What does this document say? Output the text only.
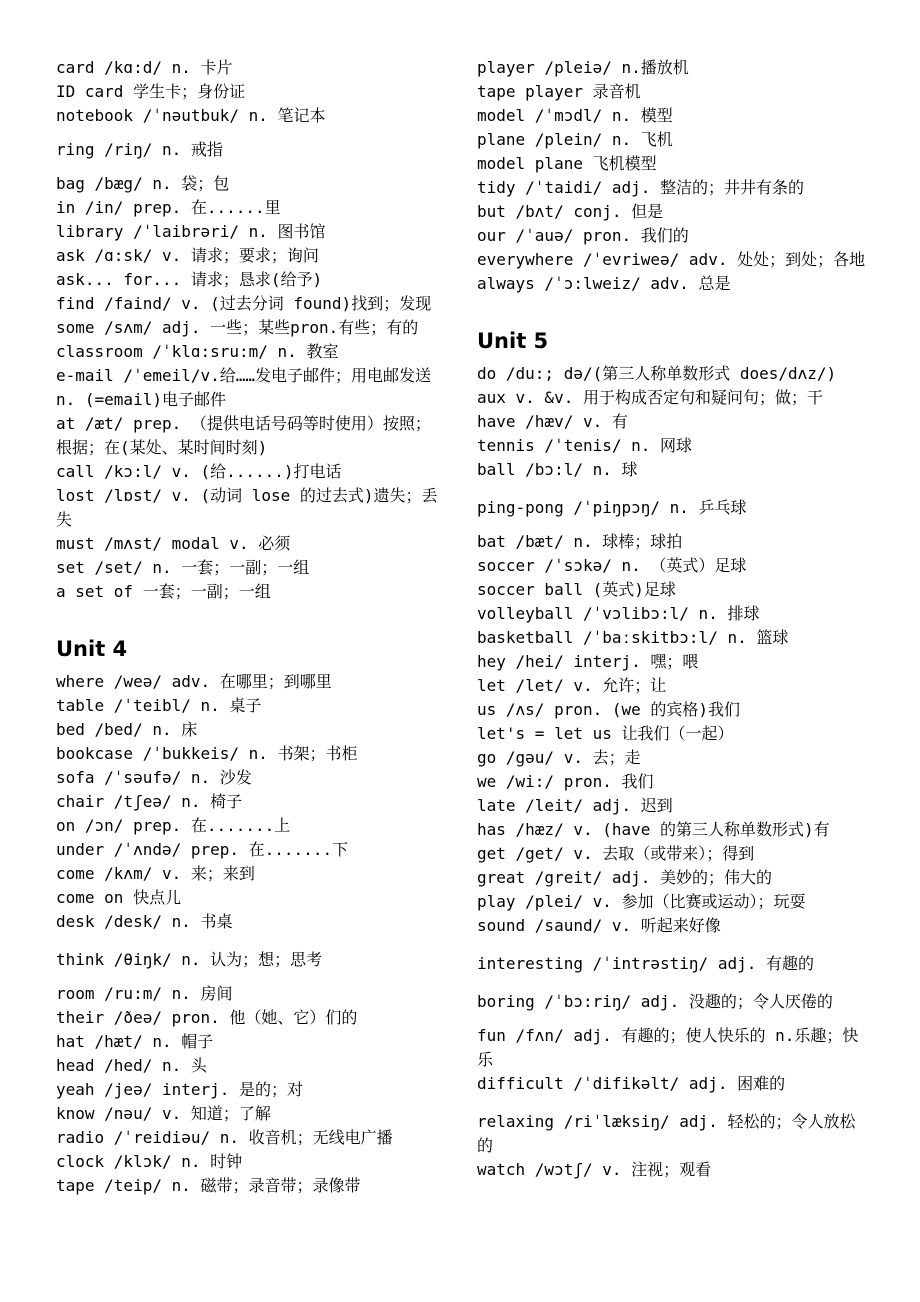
card /kɑ:d/ n. 卡片

ID card 学生卡；身份证

notebook /ˈnəutbuk/ n. 笔记本

ring /riŋ/ n. 戒指

bag /bæg/ n. 袋；包

in /in/ prep. 在......里

library /ˈlaibrəri/ n. 图书馆

ask /ɑ:sk/ v. 请求；要求；询问

ask... for... 请求；恳求(给予)

find /faind/ v. (过去分词 found)找到；发现

some /sʌm/ adj. 一些；某些pron.有些；有的

classroom /ˈklɑ:sru:m/ n. 教室

e-mail /ˈemeil/v.给……发电子邮件；用电邮发送 n. (=email)电子邮件

at /æt/ prep. （提供电话号码等时使用）按照；根据；在(某处、某时间时刻)

call /kɔ:l/ v. (给......)打电话

lost /lɒst/ v. (动词 lose 的过去式)遗失；丢失

must /mʌst/ modal v. 必须

set /set/ n. 一套；一副；一组

a set of 一套；一副；一组

Unit 4

where /weə/ adv. 在哪里；到哪里

table /ˈteibl/ n. 桌子

bed /bed/ n. 床

bookcase /ˈbukkeis/ n. 书架；书柜

sofa /ˈsəufə/ n. 沙发

chair /tʃeə/ n. 椅子

on /ɔn/ prep. 在.......上

under /ˈʌndə/ prep. 在.......下

come /kʌm/ v. 来；来到

come on 快点儿

desk /desk/ n. 书桌

think /θiŋk/ n. 认为；想；思考

room /ru:m/ n. 房间

their /ðeə/ pron. 他（她、它）们的

hat /hæt/ n. 帽子

head /hed/ n. 头

yeah /jeə/ interj. 是的；对

know /nəu/ v. 知道；了解

radio /ˈreidiəu/ n. 收音机；无线电广播

clock /klɔk/ n. 时钟

tape /teip/ n. 磁带；录音带；录像带

player /pleiə/ n.播放机

tape player 录音机

model /ˈmɔdl/ n. 模型

plane /plein/ n. 飞机

model plane 飞机模型

tidy /ˈtaidi/ adj. 整洁的；井井有条的

but /bʌt/ conj. 但是

our /ˈauə/ pron. 我们的

everywhere /ˈevriweə/ adv. 处处；到处；各地

always /ˈɔ:lweiz/ adv. 总是

Unit 5

do /du:; də/(第三人称单数形式 does/dʌz/)

aux v. &v. 用于构成否定句和疑问句；做；干

have /hæv/ v. 有

tennis /ˈtenis/ n. 网球

ball /bɔ:l/ n. 球

ping-pong /ˈpiŋpɔŋ/ n. 乒乓球

bat /bæt/ n. 球棒；球拍

soccer /ˈsɔkə/ n. （英式）足球

soccer ball (英式)足球

volleyball /ˈvɔlibɔ:l/ n. 排球

basketball /ˈbaːskitbɔ:l/ n. 篮球

hey /hei/ interj. 嘿；喂

let /let/ v. 允许；让

us /ʌs/ pron. (we 的宾格)我们

let's = let us 让我们（一起）

go /gəu/ v. 去；走

we /wi:/ pron. 我们

late /leit/ adj. 迟到

has /hæz/ v. (have 的第三人称单数形式)有

get /get/ v. 去取（或带来）；得到

great /greit/ adj. 美妙的；伟大的

play /plei/ v. 参加（比赛或运动）；玩耍

sound /saund/ v. 听起来好像

interesting /ˈintrəstiŋ/ adj. 有趣的

boring /ˈbɔ:riŋ/ adj. 没趣的；令人厌倦的

fun /fʌn/ adj. 有趣的；使人快乐的 n.乐趣；快乐

difficult /ˈdifikəlt/ adj. 困难的

relaxing /riˈlæksiŋ/ adj. 轻松的；令人放松的

watch /wɔtʃ/ v. 注视；观看
